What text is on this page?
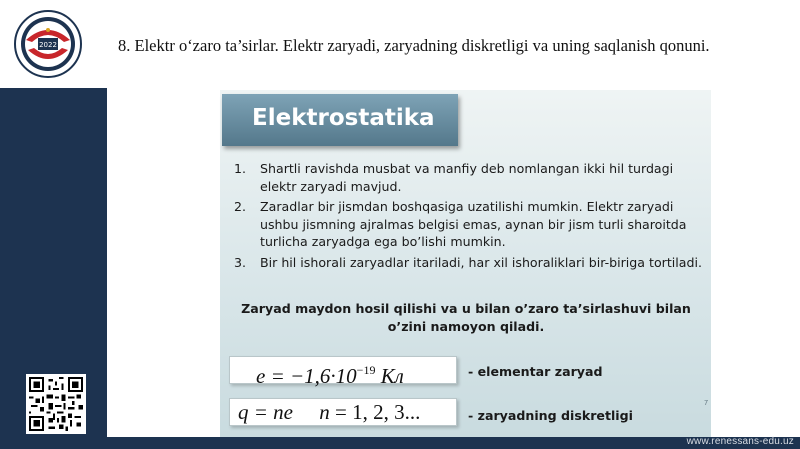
2022	8. Elektr o‘zaro ta’sirlar. Elektr zaryadi, zaryadning diskretligi va uning saqlanish qonuni.
Elektrostatika
1.	Shartli ravishda musbat va manfiy deb nomlangan ikki hil turdagi elektr zaryadi mavjud.
2.	Zaradlar bir jismdan boshqasiga uzatilishi mumkin. Elektr zaryadi ushbu jismning ajralmas belgisi emas, aynan bir jism turli sharoitda turlicha zaryadga ega bo’lishi mumkin.
3.	Bir hil ishorali zaryadlar itariladi, har xil ishoraliklari bir-biriga tortiladi.
Zaryad maydon hosil qilishi va u bilan o’zaro ta’sirlashuvi bilan
o’zini namoyon qiladi.
$e = -1,6\cdot 10^{-19}$ Кл	- elementar zaryad
q = ne n = 1, 2, 3...	- zaryadning diskretligi
7
www.renessans-edu.uz
